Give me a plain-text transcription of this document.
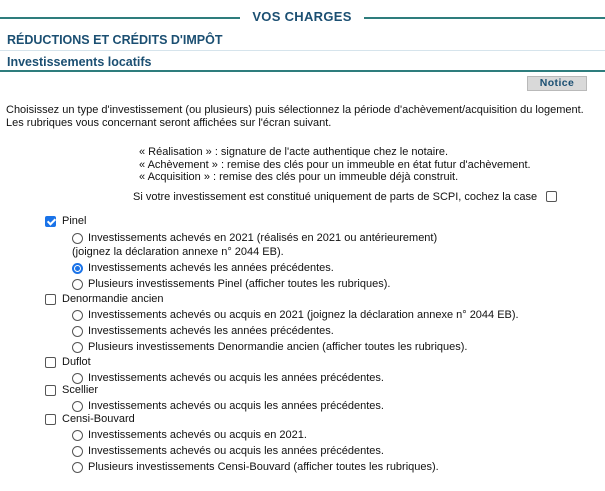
VOS CHARGES
RÉDUCTIONS ET CRÉDITS D'IMPÔT
Investissements locatifs
Notice
Choisissez un type d'investissement (ou plusieurs) puis sélectionnez la période d'achèvement/acquisition du logement.
Les rubriques vous concernant seront affichées sur l'écran suivant.
« Réalisation » : signature de l'acte authentique chez le notaire.
« Achèvement » : remise des clés pour un immeuble en état futur d'achèvement.
« Acquisition » : remise des clés pour un immeuble déjà construit.
Si votre investissement est constitué uniquement de parts de SCPI, cochez la case
Pinel
Investissements achevés en 2021 (réalisés en 2021 ou antérieurement)
(joignez la déclaration annexe n° 2044 EB).
Investissements achevés les années précédentes.
Plusieurs investissements Pinel (afficher toutes les rubriques).
Denormandie ancien
Investissements achevés ou acquis en 2021 (joignez la déclaration annexe n° 2044 EB).
Investissements achevés les années précédentes.
Plusieurs investissements Denormandie ancien (afficher toutes les rubriques).
Duflot
Investissements achevés ou acquis les années précédentes.
Scellier
Investissements achevés ou acquis les années précédentes.
Censi-Bouvard
Investissements achevés ou acquis en 2021.
Investissements achevés ou acquis les années précédentes.
Plusieurs investissements Censi-Bouvard (afficher toutes les rubriques).
